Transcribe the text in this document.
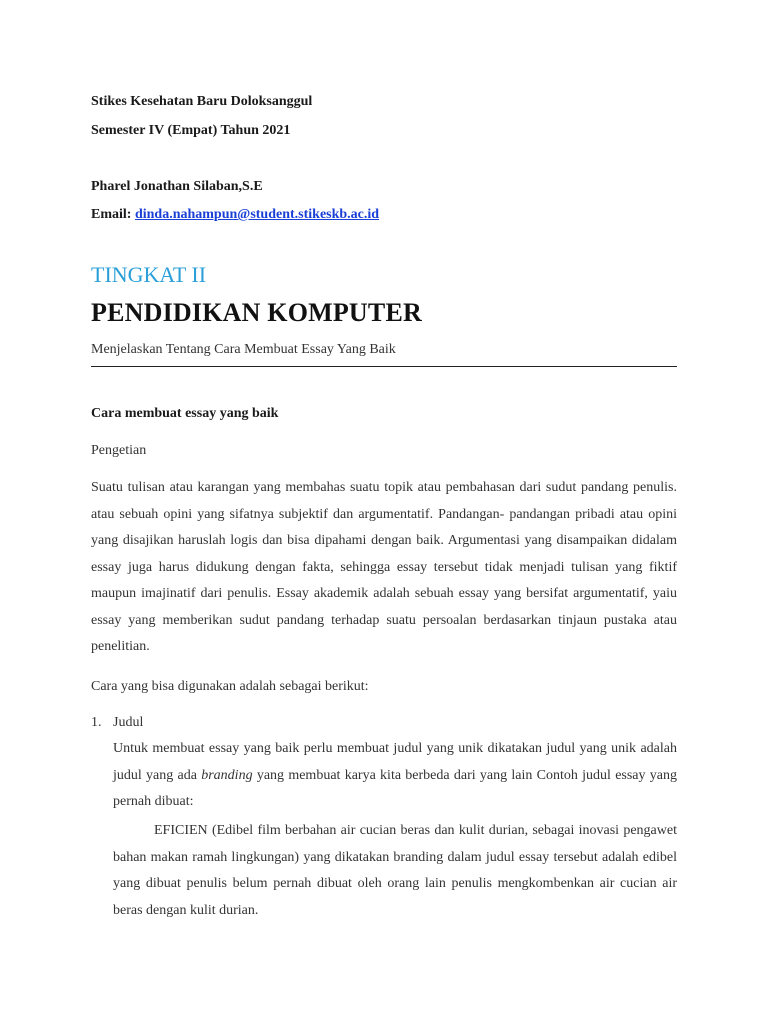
Stikes Kesehatan Baru Doloksanggul
Semester IV (Empat) Tahun 2021
Pharel Jonathan Silaban,S.E
Email: dinda.nahampun@student.stikeskb.ac.id
TINGKAT II
PENDIDIKAN KOMPUTER
Menjelaskan Tentang Cara Membuat Essay Yang Baik
Cara membuat essay yang baik
Pengetian
Suatu tulisan atau karangan yang membahas suatu topik atau pembahasan dari sudut pandang penulis. atau sebuah opini yang sifatnya subjektif dan argumentatif. Pandangan- pandangan pribadi atau opini yang disajikan haruslah logis dan bisa dipahami dengan baik. Argumentasi yang disampaikan didalam essay juga harus didukung dengan fakta, sehingga essay tersebut tidak menjadi tulisan yang fiktif maupun imajinatif dari penulis. Essay akademik adalah sebuah essay yang bersifat argumentatif, yaiu essay yang memberikan sudut pandang terhadap suatu persoalan berdasarkan tinjaun pustaka atau penelitian.
Cara yang bisa digunakan adalah sebagai berikut:
1. Judul
Untuk membuat essay yang baik perlu membuat judul yang unik dikatakan judul yang unik adalah judul yang ada branding yang membuat karya kita berbeda dari yang lain Contoh judul essay yang pernah dibuat:
EFICIEN (Edibel film berbahan air cucian beras dan kulit durian, sebagai inovasi pengawet bahan makan ramah lingkungan) yang dikatakan branding dalam judul essay tersebut adalah edibel yang dibuat penulis belum pernah dibuat oleh orang lain penulis mengkombenkan air cucian air beras dengan kulit durian.
